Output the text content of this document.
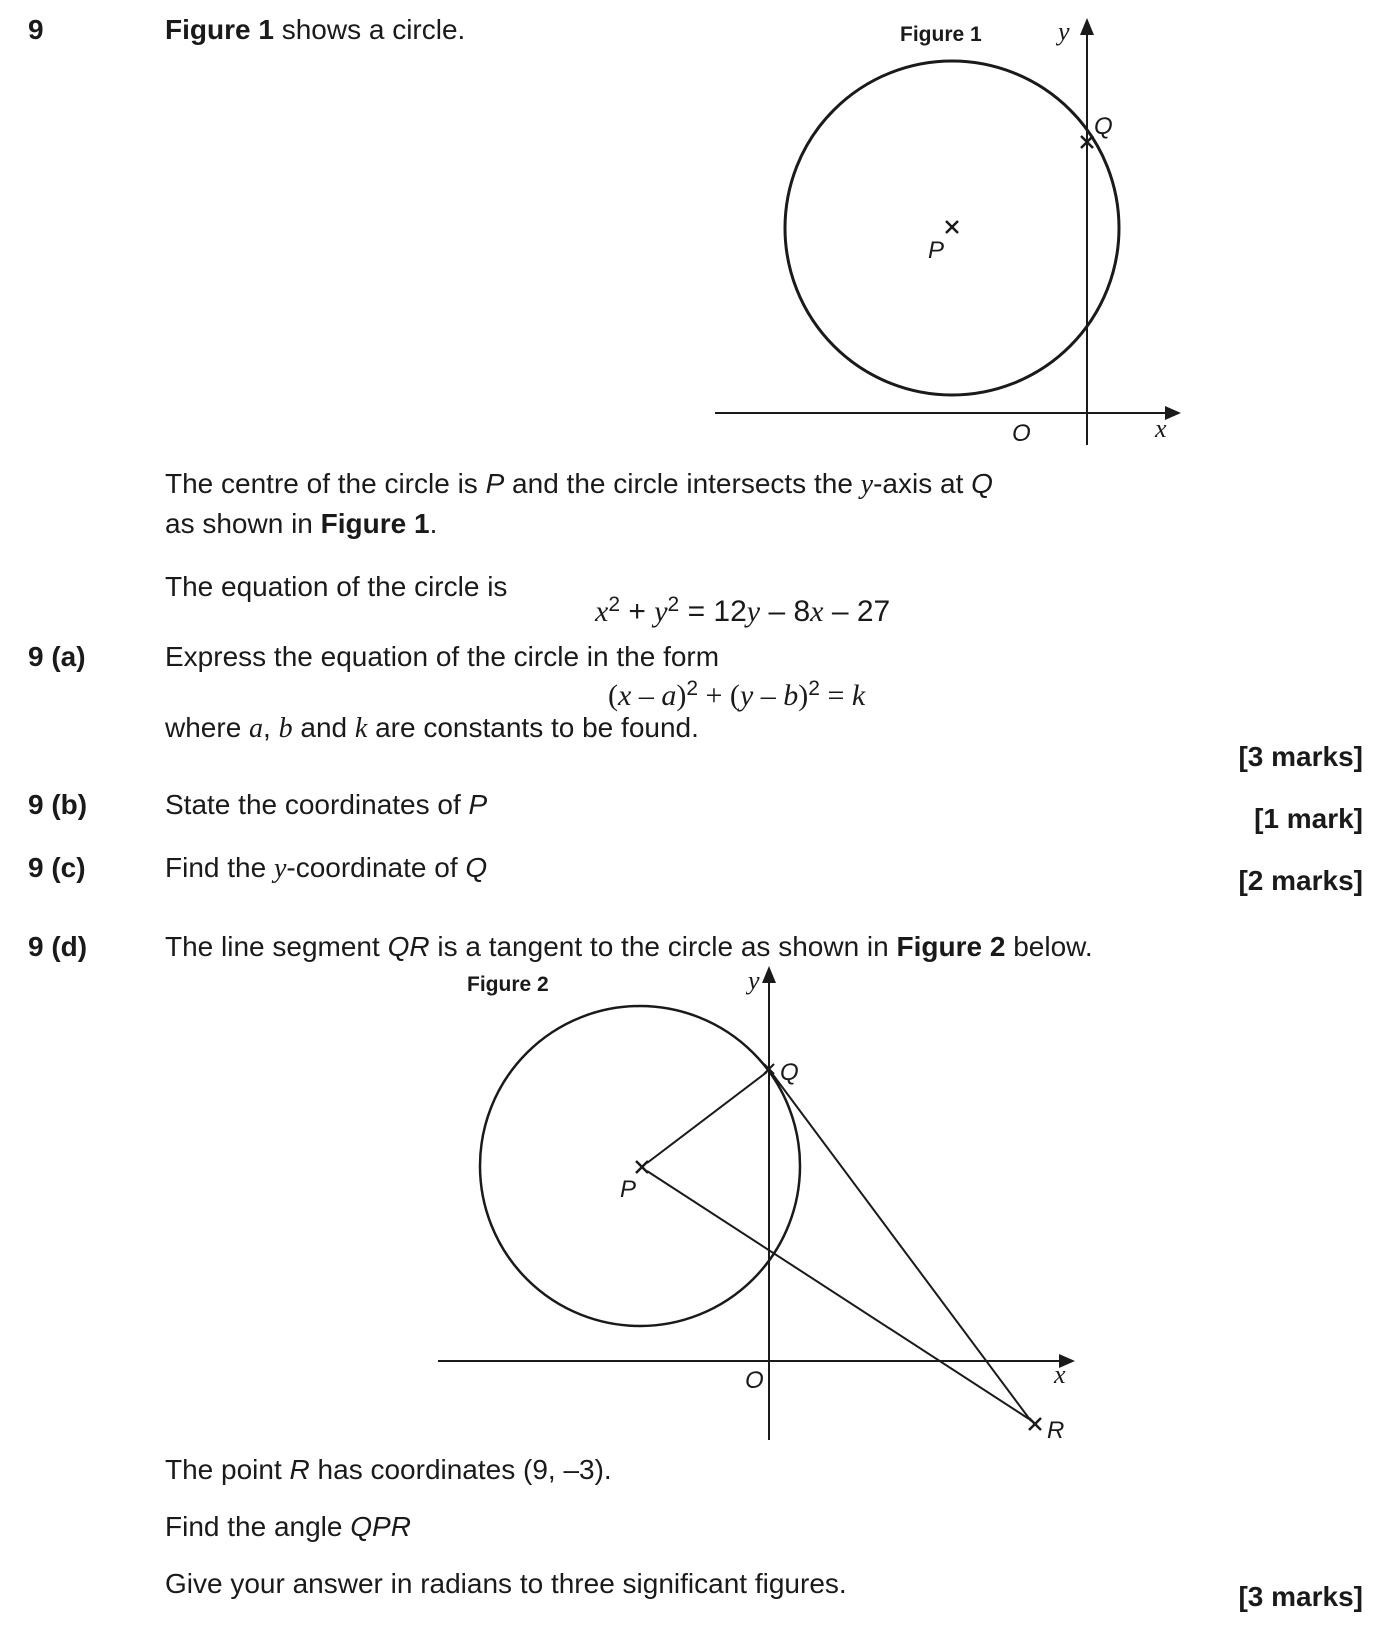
9	Figure 1 shows a circle.	Figure 1	y
x
O
P
Q
The centre of the circle is P and the circle intersects the y-axis at Q
as shown in Figure 1.
The equation of the circle is
$x^2 + y^2 = 12y - 8x - 27$
9 (a)	Express the equation of the circle in the form
(x – a)$^2$ + (y – b)$^2$ = k
where a, b and k are constants to be found.
[3 marks]
9 (b)	State the coordinates of P	[1 mark]
9 (c)	Find the y-coordinate of Q	[2 marks]
9 (d)	The line segment QR is a tangent to the circle as shown in Figure 2 below.
Figure 2	y
x
O
P
Q
R
The point R has coordinates (9, –3).
Find the angle QPR
Give your answer in radians to three significant figures.	[3 marks]
